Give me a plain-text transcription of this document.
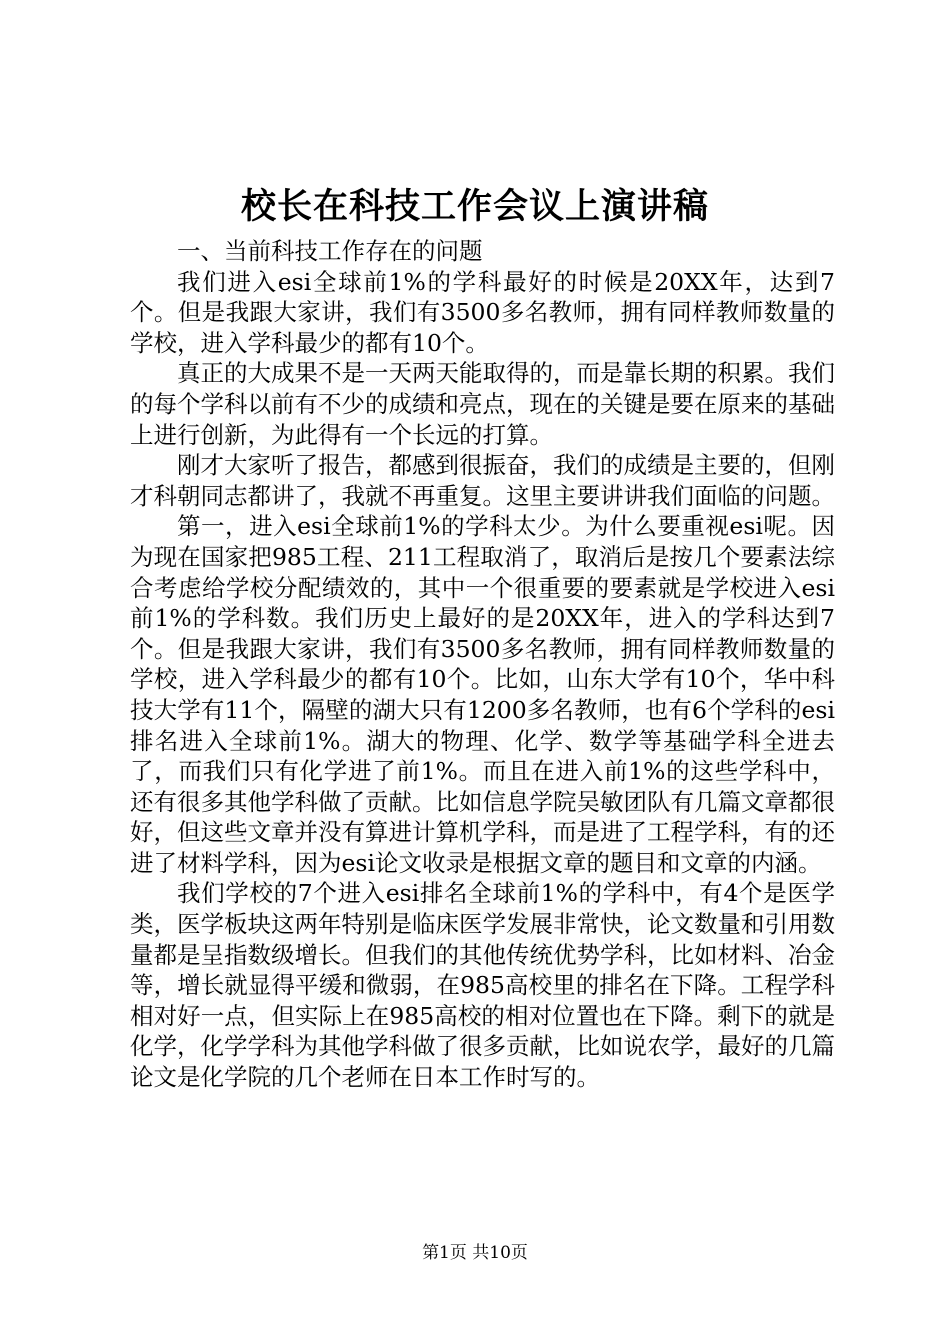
校长在科技工作会议上演讲稿

一、当前科技工作存在的问题

我们进入esi全球前1%的学科最好的时候是20XX年，达到7个。但是我跟大家讲，我们有3500多名教师，拥有同样教师数量的学校，进入学科最少的都有10个。

真正的大成果不是一天两天能取得的，而是靠长期的积累。我们的每个学科以前有不少的成绩和亮点，现在的关键是要在原来的基础上进行创新，为此得有一个长远的打算。

刚才大家听了报告，都感到很振奋，我们的成绩是主要的，但刚才科朝同志都讲了，我就不再重复。这里主要讲讲我们面临的问题。

第一，进入esi全球前1%的学科太少。为什么要重视esi呢。因为现在国家把985工程、211工程取消了，取消后是按几个要素法综合考虑给学校分配绩效的，其中一个很重要的要素就是学校进入esi前1%的学科数。我们历史上最好的是20XX年，进入的学科达到7个。但是我跟大家讲，我们有3500多名教师，拥有同样教师数量的学校，进入学科最少的都有10个。比如，山东大学有10个，华中科技大学有11个，隔壁的湖大只有1200多名教师，也有6个学科的esi排名进入全球前1%。湖大的物理、化学、数学等基础学科全进去了，而我们只有化学进了前1%。而且在进入前1%的这些学科中，还有很多其他学科做了贡献。比如信息学院吴敏团队有几篇文章都很好，但这些文章并没有算进计算机学科，而是进了工程学科，有的还进了材料学科，因为esi论文收录是根据文章的题目和文章的内涵。

我们学校的7个进入esi排名全球前1%的学科中，有4个是医学类，医学板块这两年特别是临床医学发展非常快，论文数量和引用数量都是呈指数级增长。但我们的其他传统优势学科，比如材料、冶金等，增长就显得平缓和微弱，在985高校里的排名在下降。工程学科相对好一点，但实际上在985高校的相对位置也在下降。剩下的就是化学，化学学科为其他学科做了很多贡献，比如说农学，最好的几篇论文是化学院的几个老师在日本工作时写的。

第1页 共10页
